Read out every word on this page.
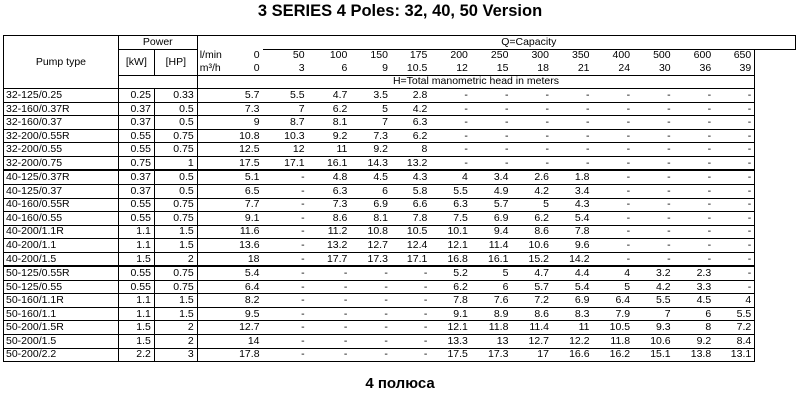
3 SERIES 4 Poles: 32, 40, 50 Version
Pump type	Power				Q=Capacity											
	[kW]	[HP]	l/min	0	50	100	150	175	200	250	300	350	400	500	600	650
			m³/h	0	3	6	9	10.5	12	15	18	21	24	30	36	39
			H=Total manometric head in meters													
32-125/0.25	0.25	0.33		5.7	5.5	4.7	3.5	2.8	-	-	-	-	-	-	-	-
32-160/0.37R	0.37	0.5		7.3	7	6.2	5	4.2	-	-	-	-	-	-	-	-
32-160/0.37	0.37	0.5		9	8.7	8.1	7	6.3	-	-	-	-	-	-	-	-
32-200/0.55R	0.55	0.75		10.8	10.3	9.2	7.3	6.2	-	-	-	-	-	-	-	-
32-200/0.55	0.55	0.75		12.5	12	11	9.2	8	-	-	-	-	-	-	-	-
32-200/0.75	0.75	1		17.5	17.1	16.1	14.3	13.2	-	-	-	-	-	-	-	-
40-125/0.37R	0.37	0.5		5.1	-	4.8	4.5	4.3	4	3.4	2.6	1.8	-	-	-	-
40-125/0.37	0.37	0.5		6.5	-	6.3	6	5.8	5.5	4.9	4.2	3.4	-	-	-	-
40-160/0.55R	0.55	0.75		7.7	-	7.3	6.9	6.6	6.3	5.7	5	4.3	-	-	-	-
40-160/0.55	0.55	0.75		9.1	-	8.6	8.1	7.8	7.5	6.9	6.2	5.4	-	-	-	-
40-200/1.1R	1.1	1.5		11.6	-	11.2	10.8	10.5	10.1	9.4	8.6	7.8	-	-	-	-
40-200/1.1	1.1	1.5		13.6	-	13.2	12.7	12.4	12.1	11.4	10.6	9.6	-	-	-	-
40-200/1.5	1.5	2		18	-	17.7	17.3	17.1	16.8	16.1	15.2	14.2	-	-	-	-
50-125/0.55R	0.55	0.75		5.4	-	-	-	-	5.2	5	4.7	4.4	4	3.2	2.3	-
50-125/0.55	0.55	0.75		6.4	-	-	-	-	6.2	6	5.7	5.4	5	4.2	3.3	-
50-160/1.1R	1.1	1.5		8.2	-	-	-	-	7.8	7.6	7.2	6.9	6.4	5.5	4.5	4
50-160/1.1	1.1	1.5		9.5	-	-	-	-	9.1	8.9	8.6	8.3	7.9	7	6	5.5
50-200/1.5R	1.5	2		12.7	-	-	-	-	12.1	11.8	11.4	11	10.5	9.3	8	7.2
50-200/1.5	1.5	2		14	-	-	-	-	13.3	13	12.7	12.2	11.8	10.6	9.2	8.4
50-200/2.2	2.2	3		17.8	-	-	-	-	17.5	17.3	17	16.6	16.2	15.1	13.8	13.1
4 полюса
